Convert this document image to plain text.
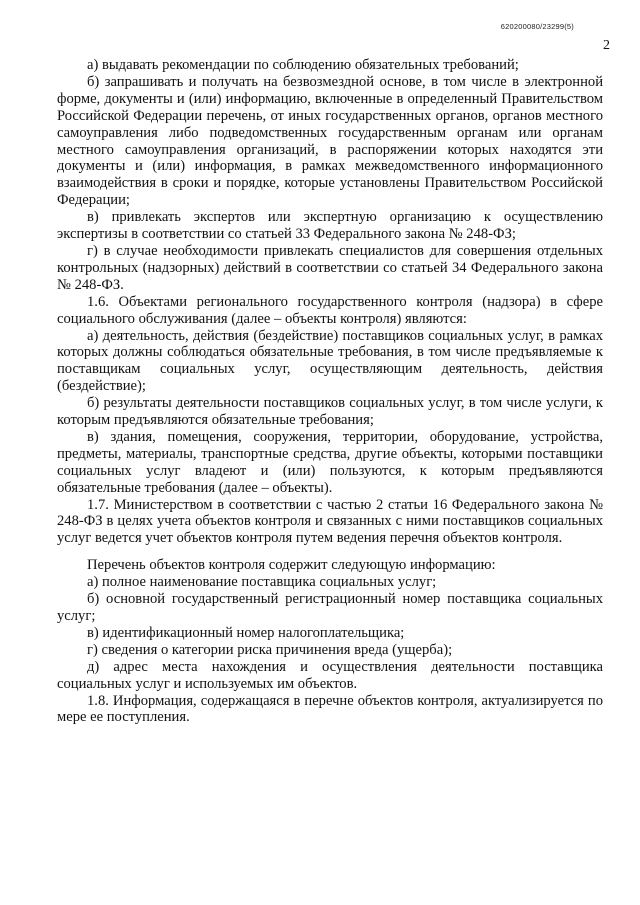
620200080/23299(5)
2

а) выдавать рекомендации по соблюдению обязательных требований;

б) запрашивать и получать на безвозмездной основе, в том числе в электронной форме, документы и (или) информацию, включенные в определенный Правительством Российской Федерации перечень, от иных государственных органов, органов местного самоуправления либо подведомственных государственным органам или органам местного самоуправления организаций, в распоряжении которых находятся эти документы и (или) информация, в рамках межведомственного информационного взаимодействия в сроки и порядке, которые установлены Правительством Российской Федерации;

в) привлекать экспертов или экспертную организацию к осуществлению экспертизы в соответствии со статьей 33 Федерального закона № 248-ФЗ;

г) в случае необходимости привлекать специалистов для совершения отдельных контрольных (надзорных) действий в соответствии со статьей 34 Федерального закона № 248-ФЗ.

1.6. Объектами регионального государственного контроля (надзора) в сфере социального обслуживания (далее – объекты контроля) являются:

а) деятельность, действия (бездействие) поставщиков социальных услуг, в рамках которых должны соблюдаться обязательные требования, в том числе предъявляемые к поставщикам социальных услуг, осуществляющим деятельность, действия (бездействие);

б) результаты деятельности поставщиков социальных услуг, в том числе услуги, к которым предъявляются обязательные требования;

в) здания, помещения, сооружения, территории, оборудование, устройства, предметы, материалы, транспортные средства, другие объекты, которыми поставщики социальных услуг владеют и (или) пользуются, к которым предъявляются обязательные требования (далее – объекты).

1.7. Министерством в соответствии с частью 2 статьи 16 Федерального закона № 248-ФЗ в целях учета объектов контроля и связанных с ними поставщиков социальных услуг ведется учет объектов контроля путем ведения перечня объектов контроля.

Перечень объектов контроля содержит следующую информацию:

а) полное наименование поставщика социальных услуг;

б) основной государственный регистрационный номер поставщика социальных услуг;

в) идентификационный номер налогоплательщика;

г) сведения о категории риска причинения вреда (ущерба);

д) адрес места нахождения и осуществления деятельности поставщика социальных услуг и используемых им объектов.

1.8. Информация, содержащаяся в перечне объектов контроля, актуализируется по мере ее поступления.
